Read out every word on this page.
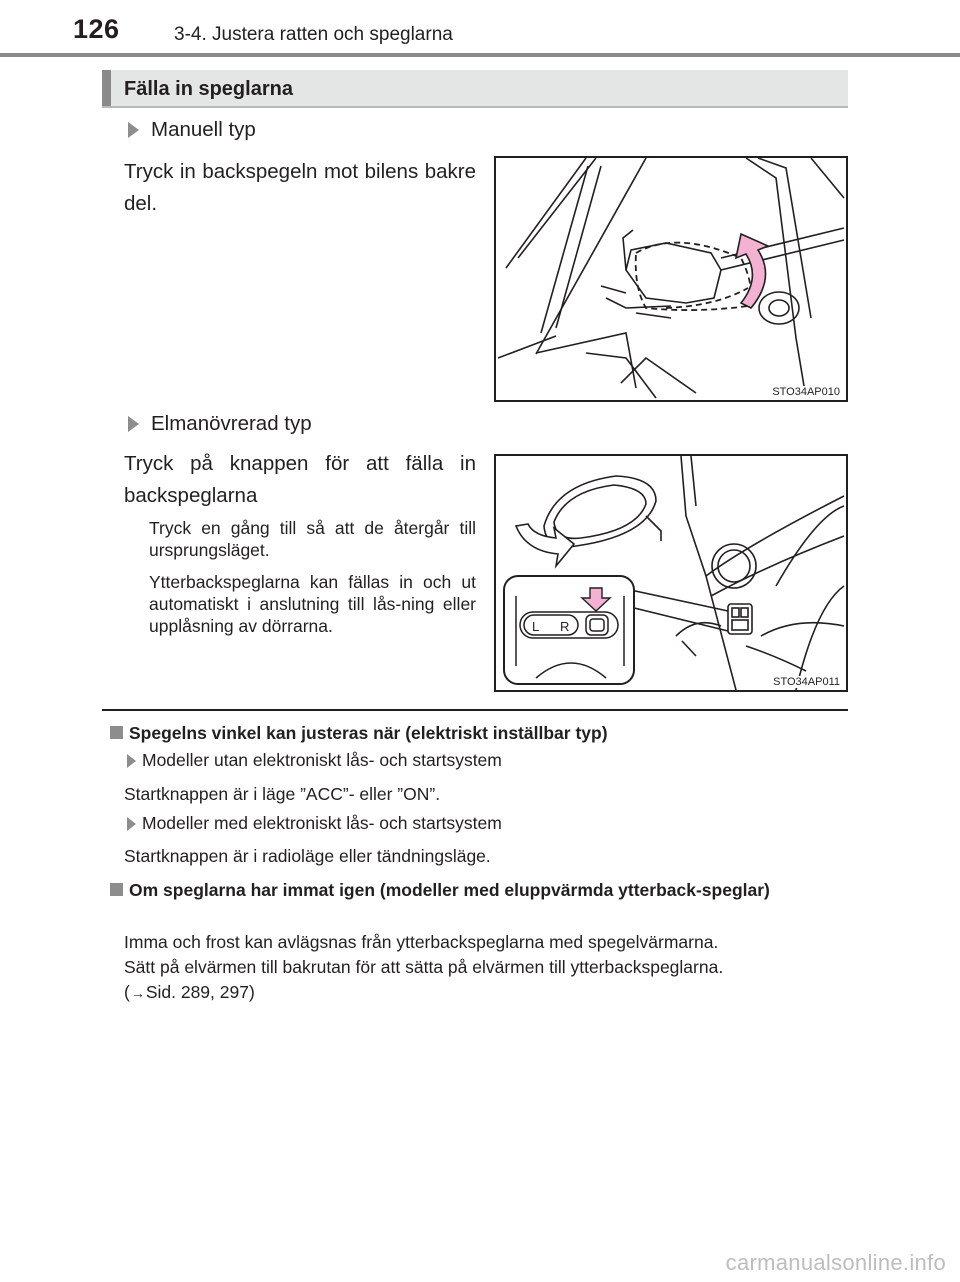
126	3-4. Justera ratten och speglarna
Fälla in speglarna
Manuell typ
Tryck in backspegeln mot bilens bakre del.
STO34AP010
Elmanövrerad typ
Tryck på knappen för att fälla in backspeglarna
Tryck en gång till så att de återgår till ursprungsläget.
Ytterbackspeglarna kan fällas in och ut automatiskt i anslutning till lås-ning eller upplåsning av dörrarna.	L R
STO34AP011
Spegelns vinkel kan justeras när (elektriskt inställbar typ)
Modeller utan elektroniskt lås- och startsystem
Startknappen är i läge ”ACC”- eller ”ON”.
Modeller med elektroniskt lås- och startsystem
Startknappen är i radioläge eller tändningsläge.
Om speglarna har immat igen (modeller med eluppvärmda ytterback-speglar)
Imma och frost kan avlägsnas från ytterbackspeglarna med spegelvärmarna.
Sätt på elvärmen till bakrutan för att sätta på elvärmen till ytterbackspeglarna.
(→Sid. 289, 297)
carmanualsonline.info
